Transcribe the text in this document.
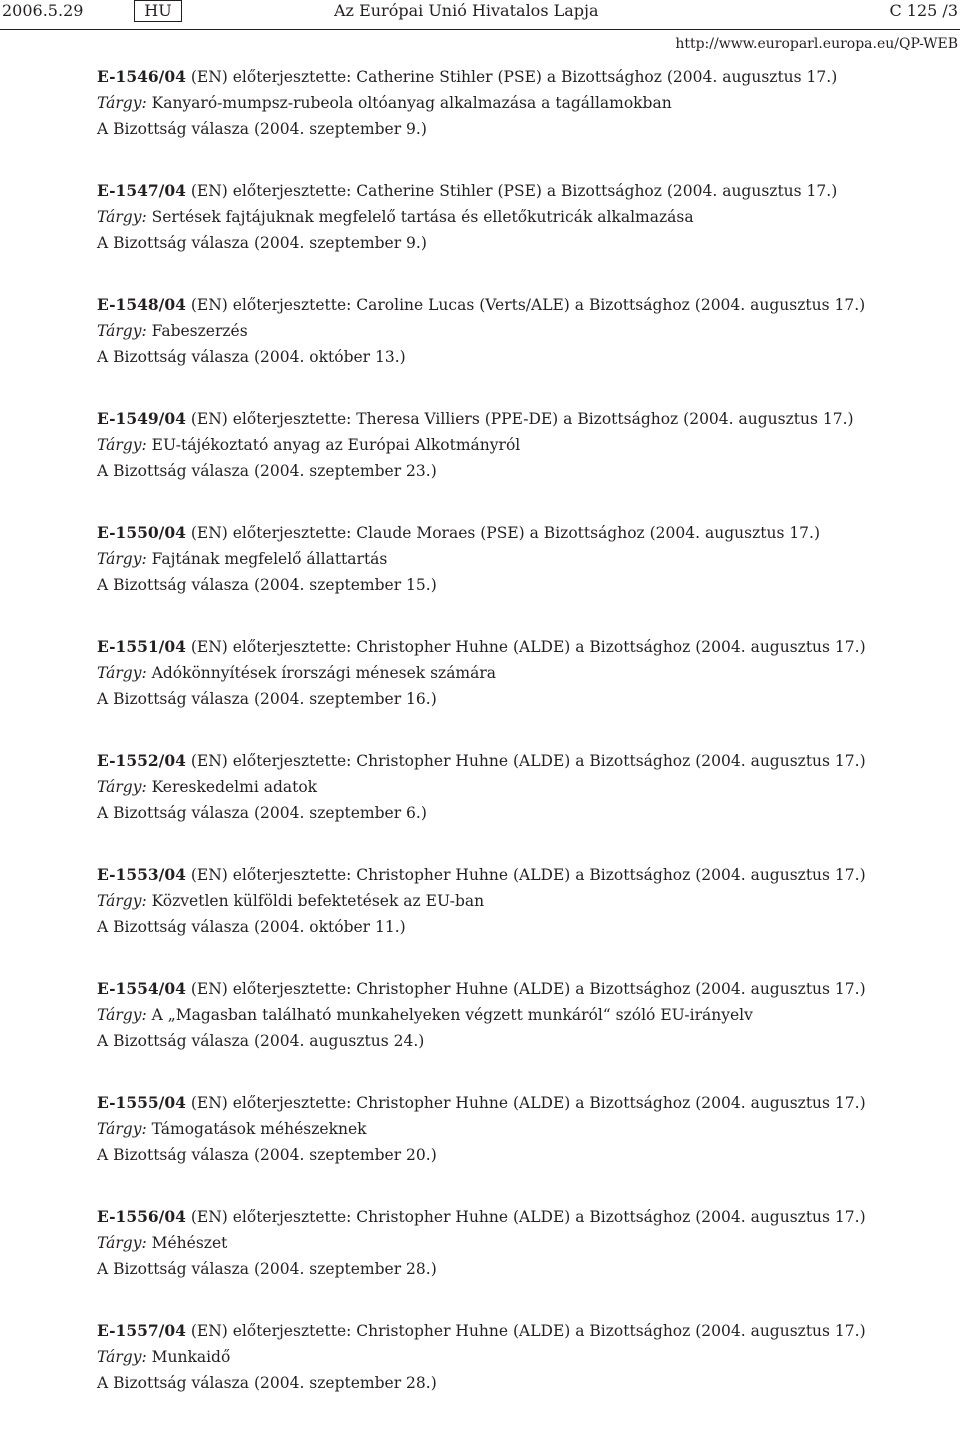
2006.5.29	HU	Az Európai Unió Hivatalos Lapja	C 125 /3
http://www.europarl.europa.eu/QP-WEB
E-1546/04 (EN) előterjesztette: Catherine Stihler (PSE) a Bizottsághoz (2004. augusztus 17.)
Tárgy: Kanyaró-mumpsz-rubeola oltóanyag alkalmazása a tagállamokban
A Bizottság válasza (2004. szeptember 9.)
E-1547/04 (EN) előterjesztette: Catherine Stihler (PSE) a Bizottsághoz (2004. augusztus 17.)
Tárgy: Sertések fajtájuknak megfelelő tartása és elletőkutricák alkalmazása
A Bizottság válasza (2004. szeptember 9.)
E-1548/04 (EN) előterjesztette: Caroline Lucas (Verts/ALE) a Bizottsághoz (2004. augusztus 17.)
Tárgy: Fabeszerzés
A Bizottság válasza (2004. október 13.)
E-1549/04 (EN) előterjesztette: Theresa Villiers (PPE-DE) a Bizottsághoz (2004. augusztus 17.)
Tárgy: EU-tájékoztató anyag az Európai Alkotmányról
A Bizottság válasza (2004. szeptember 23.)
E-1550/04 (EN) előterjesztette: Claude Moraes (PSE) a Bizottsághoz (2004. augusztus 17.)
Tárgy: Fajtának megfelelő állattartás
A Bizottság válasza (2004. szeptember 15.)
E-1551/04 (EN) előterjesztette: Christopher Huhne (ALDE) a Bizottsághoz (2004. augusztus 17.)
Tárgy: Adókönnyítések írországi ménesek számára
A Bizottság válasza (2004. szeptember 16.)
E-1552/04 (EN) előterjesztette: Christopher Huhne (ALDE) a Bizottsághoz (2004. augusztus 17.)
Tárgy: Kereskedelmi adatok
A Bizottság válasza (2004. szeptember 6.)
E-1553/04 (EN) előterjesztette: Christopher Huhne (ALDE) a Bizottsághoz (2004. augusztus 17.)
Tárgy: Közvetlen külföldi befektetések az EU-ban
A Bizottság válasza (2004. október 11.)
E-1554/04 (EN) előterjesztette: Christopher Huhne (ALDE) a Bizottsághoz (2004. augusztus 17.)
Tárgy: A „Magasban található munkahelyeken végzett munkáról“ szóló EU-irányelv
A Bizottság válasza (2004. augusztus 24.)
E-1555/04 (EN) előterjesztette: Christopher Huhne (ALDE) a Bizottsághoz (2004. augusztus 17.)
Tárgy: Támogatások méhészeknek
A Bizottság válasza (2004. szeptember 20.)
E-1556/04 (EN) előterjesztette: Christopher Huhne (ALDE) a Bizottsághoz (2004. augusztus 17.)
Tárgy: Méhészet
A Bizottság válasza (2004. szeptember 28.)
E-1557/04 (EN) előterjesztette: Christopher Huhne (ALDE) a Bizottsághoz (2004. augusztus 17.)
Tárgy: Munkaidő
A Bizottság válasza (2004. szeptember 28.)
